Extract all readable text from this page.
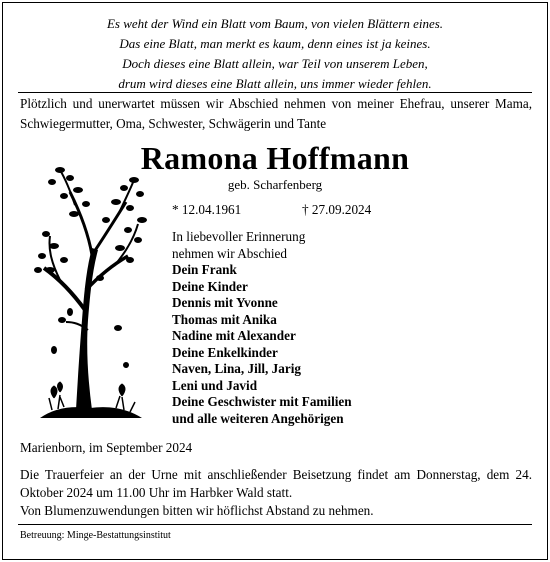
Es weht der Wind ein Blatt vom Baum, von vielen Blättern eines.
Das eine Blatt, man merkt es kaum, denn eines ist ja keines.
Doch dieses eine Blatt allein, war Teil von unserem Leben,
drum wird dieses eine Blatt allein, uns immer wieder fehlen.
Plötzlich und unerwartet müssen wir Abschied nehmen von meiner Ehefrau, unserer Mama, Schwiegermutter, Oma, Schwester, Schwägerin und Tante
Ramona Hoffmann
geb. Scharfenberg
* 12.04.1961	† 27.09.2024
In liebevoller Erinnerung
nehmen wir Abschied
Dein Frank
Deine Kinder
Dennis mit Yvonne
Thomas mit Anika
Nadine mit Alexander
Deine Enkelkinder
Naven, Lina, Jill, Jarig
Leni und Javid
Deine Geschwister mit Familien
und alle weiteren Angehörigen
Marienborn, im September 2024
Die Trauerfeier an der Urne mit anschließender Beisetzung findet am Donnerstag, dem 24. Oktober 2024 um 11.00 Uhr im Harbker Wald statt.
Von Blumenzuwendungen bitten wir höflichst Abstand zu nehmen.
Betreuung: Minge-Bestattungsinstitut
